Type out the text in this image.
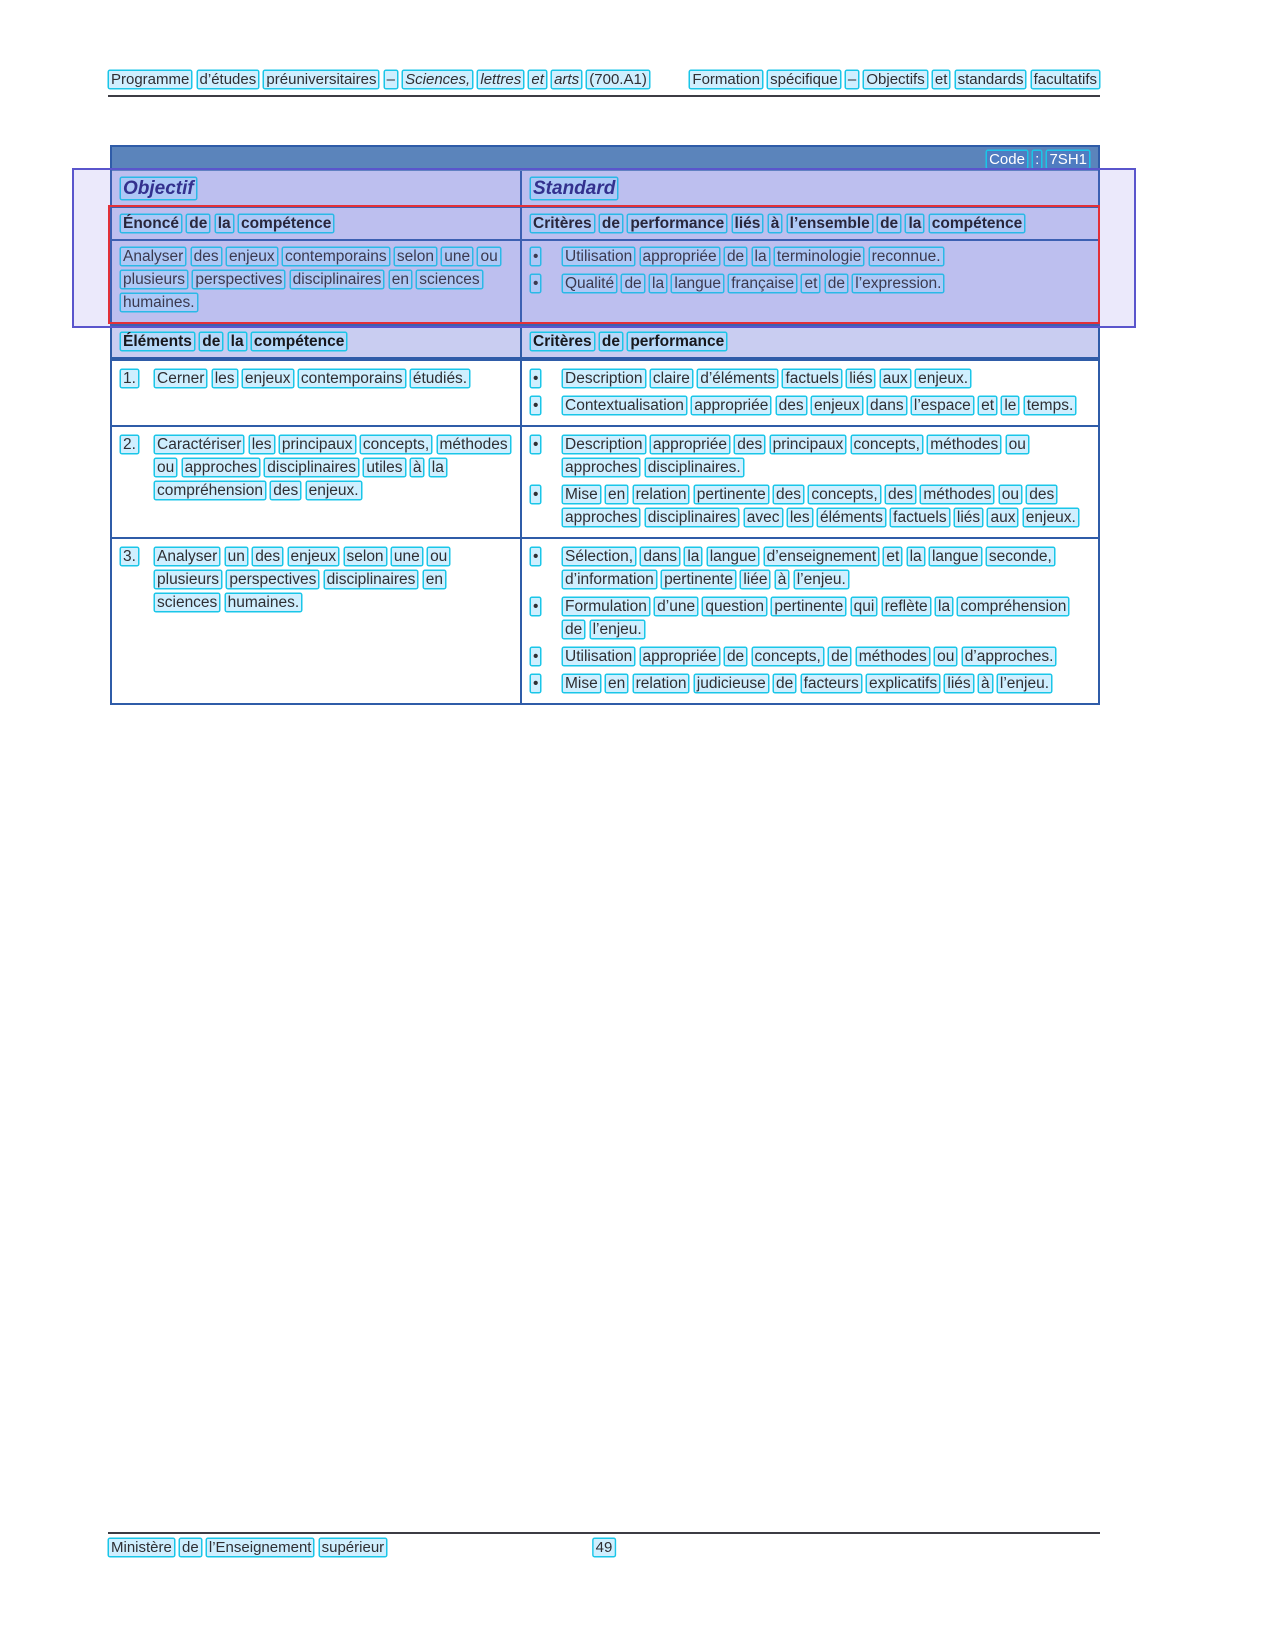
Programme d’études préuniversitaires – Sciences, lettres et arts (700.A1)	Formation spécifique – Objectifs et standards facultatifs
Code : 7SH1
Objectif	Standard
Énoncé de la compétence	Critères de performance liés à l’ensemble de la compétence
Analyser des enjeux contemporains selon une ou plusieurs perspectives disciplinaires en sciences humaines.
•	Utilisation appropriée de la terminologie reconnue.
•	Qualité de la langue française et de l’expression.
Éléments de la compétence	Critères de performance
1.	Cerner les enjeux contemporains étudiés.	•	Description claire d’éléments factuels liés aux enjeux.
•	Contextualisation appropriée des enjeux dans l’espace et le temps.
2.	Caractériser les principaux concepts, méthodes ou approches disciplinaires utiles à la compréhension des enjeux.
•	Description appropriée des principaux concepts, méthodes ou approches disciplinaires.
•	Mise en relation pertinente des concepts, des méthodes ou des approches disciplinaires avec les éléments factuels liés aux enjeux.
3.	Analyser un des enjeux selon une ou plusieurs perspectives disciplinaires en sciences humaines.
•	Sélection, dans la langue d’enseignement et la langue seconde, d’information pertinente liée à l’enjeu.
•	Formulation d’une question pertinente qui reflète la compréhension de l’enjeu.
•	Utilisation appropriée de concepts, de méthodes ou d’approches.
•	Mise en relation judicieuse de facteurs explicatifs liés à l’enjeu.
Ministère de l’Enseignement supérieur	49
